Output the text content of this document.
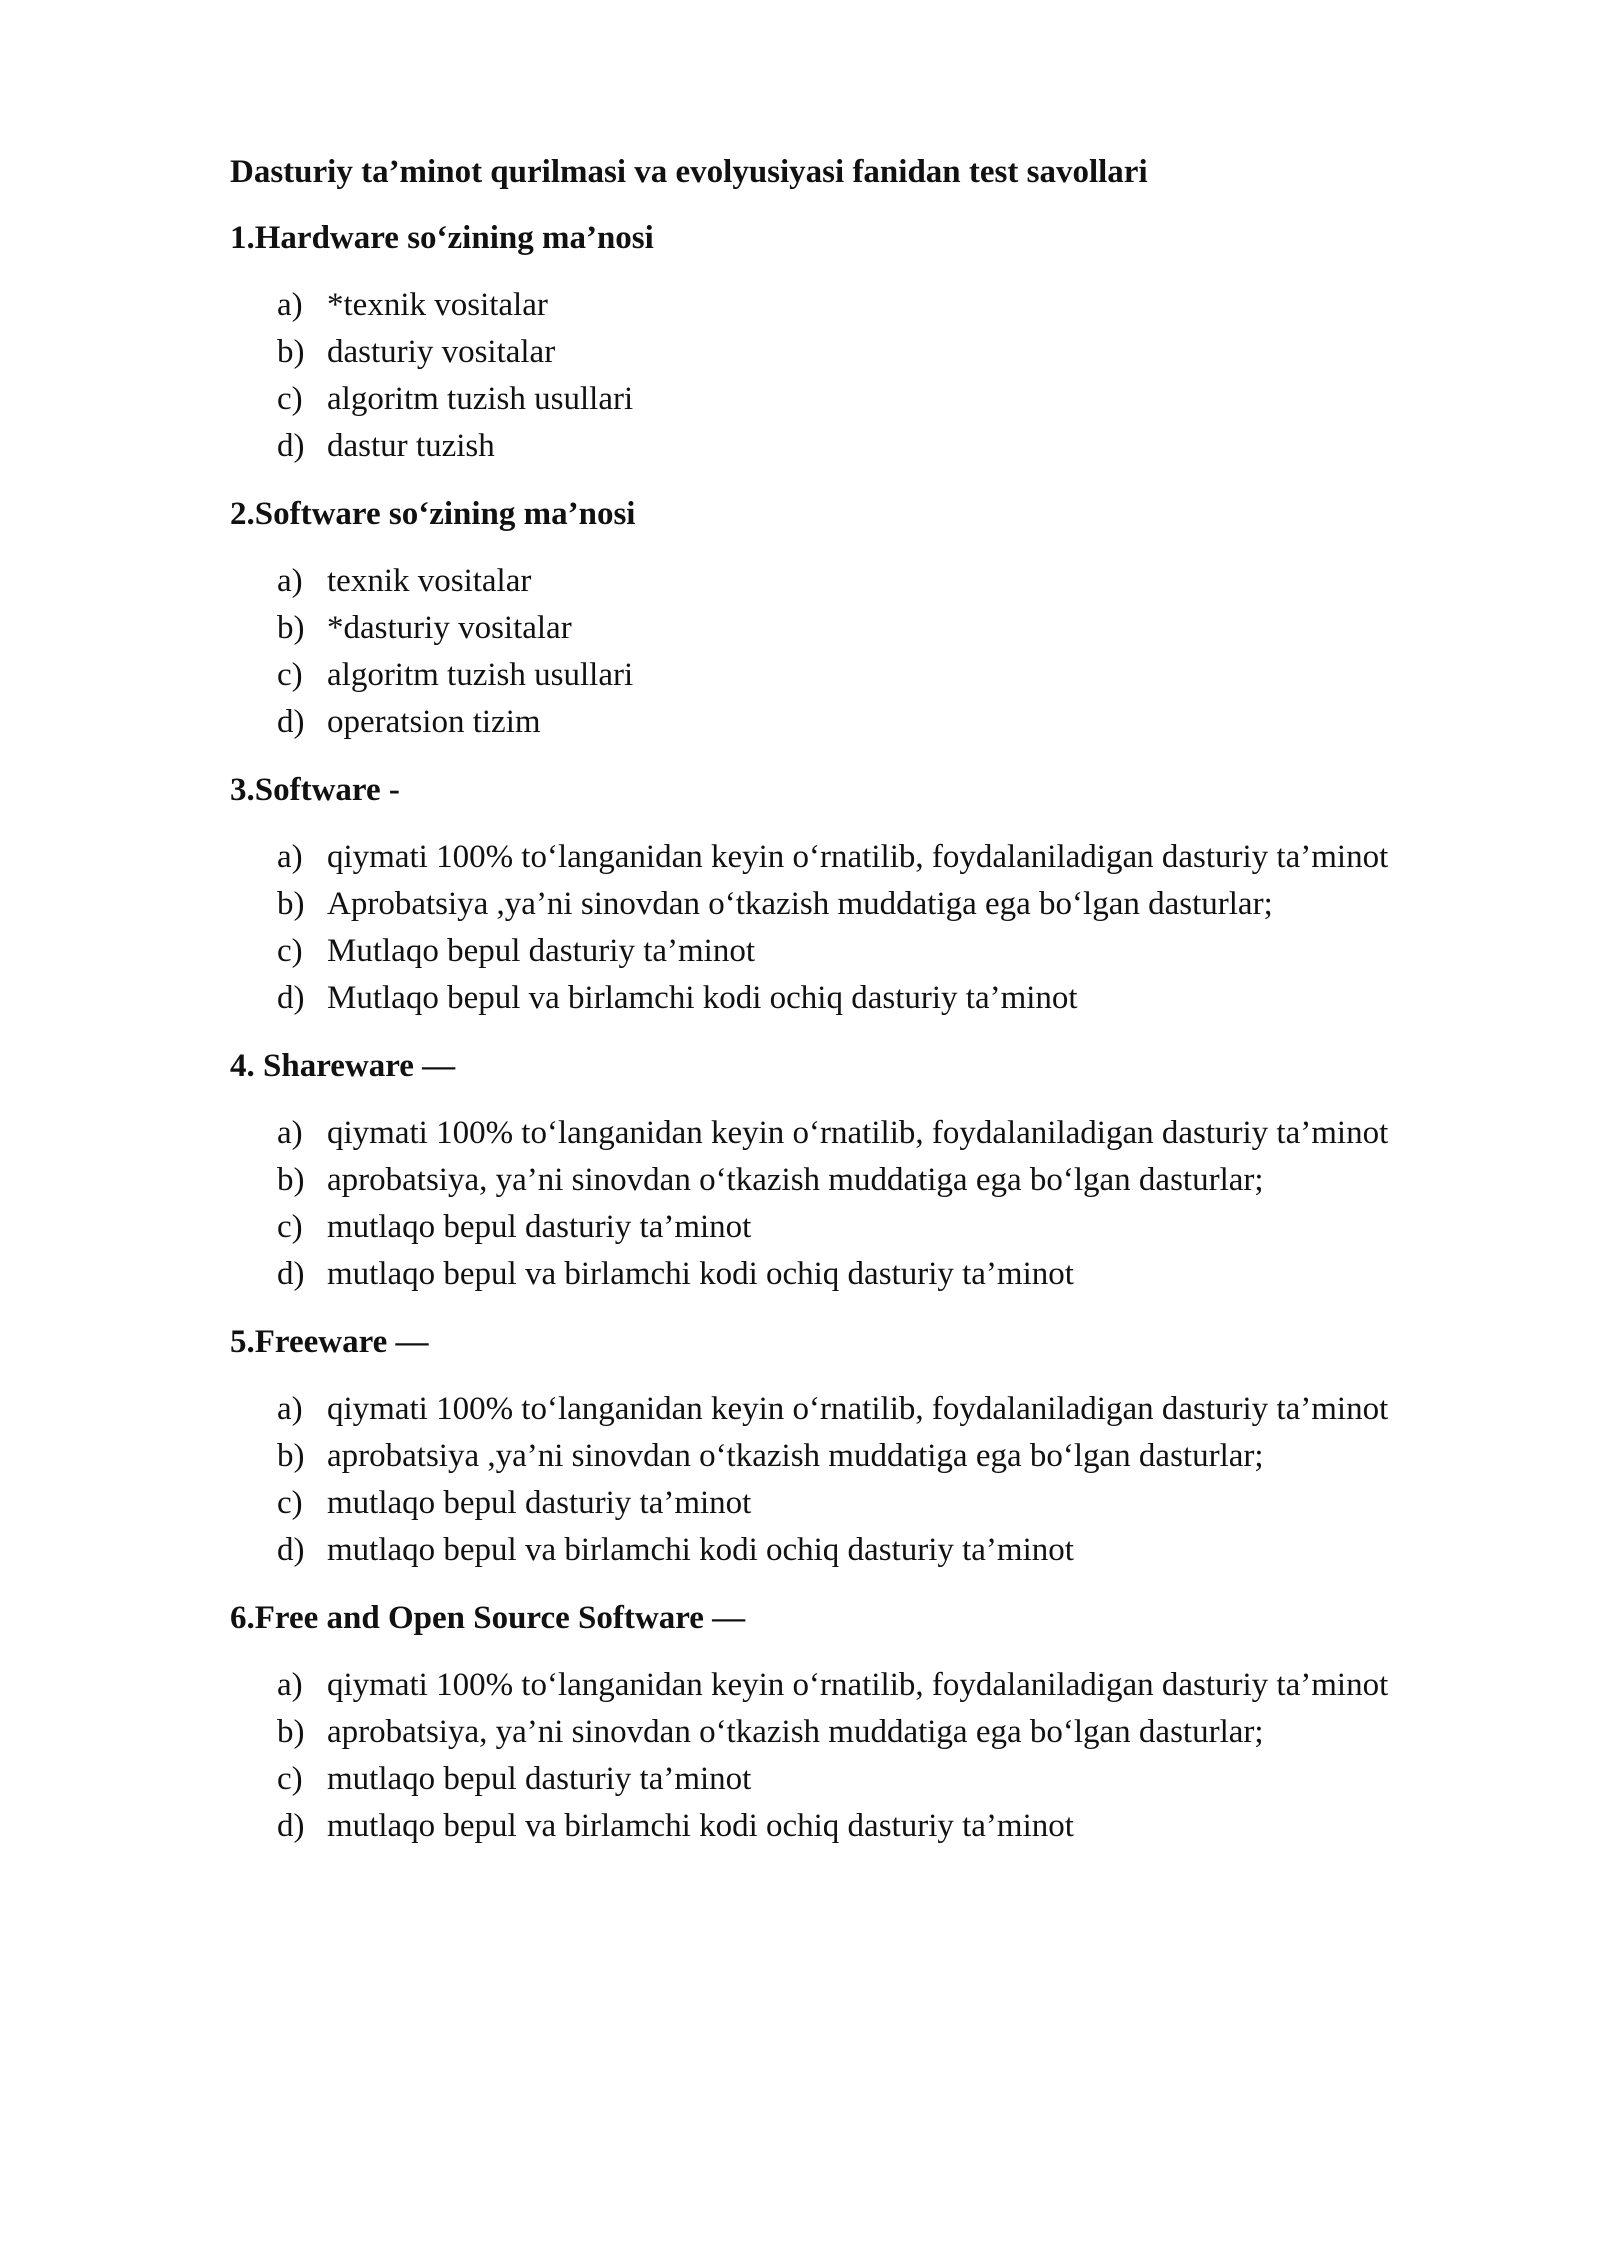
Dasturiy ta’minot qurilmasi va evolyusiyasi fanidan test savollari
1.Hardware so‘zining ma’nosi
a) *texnik vositalar
b) dasturiy vositalar
c) algoritm tuzish usullari
d) dastur tuzish
2.Software so‘zining ma’nosi
a) texnik vositalar
b) *dasturiy vositalar
c) algoritm tuzish usullari
d) operatsion tizim
3.Software -
a) qiymati 100% to‘langanidan keyin o‘rnatilib, foydalaniladigan dasturiy ta’minot
b) Aprobatsiya ,ya’ni sinovdan o‘tkazish muddatiga ega bo‘lgan dasturlar;
c) Mutlaqo bepul dasturiy ta’minot
d) Mutlaqo bepul va birlamchi kodi ochiq dasturiy ta’minot
4. Shareware —
a) qiymati 100% to‘langanidan keyin o‘rnatilib, foydalaniladigan dasturiy ta’minot
b) aprobatsiya, ya’ni sinovdan o‘tkazish muddatiga ega bo‘lgan dasturlar;
c) mutlaqo bepul dasturiy ta’minot
d) mutlaqo bepul va birlamchi kodi ochiq dasturiy ta’minot
5.Freeware —
a) qiymati 100% to‘langanidan keyin o‘rnatilib, foydalaniladigan dasturiy ta’minot
b) aprobatsiya ,ya’ni sinovdan o‘tkazish muddatiga ega bo‘lgan dasturlar;
c) mutlaqo bepul dasturiy ta’minot
d) mutlaqo bepul va birlamchi kodi ochiq dasturiy ta’minot
6.Free and Open Source Software —
a) qiymati 100% to‘langanidan keyin o‘rnatilib, foydalaniladigan dasturiy ta’minot
b) aprobatsiya, ya’ni sinovdan o‘tkazish muddatiga ega bo‘lgan dasturlar;
c) mutlaqo bepul dasturiy ta’minot
d) mutlaqo bepul va birlamchi kodi ochiq dasturiy ta’minot
